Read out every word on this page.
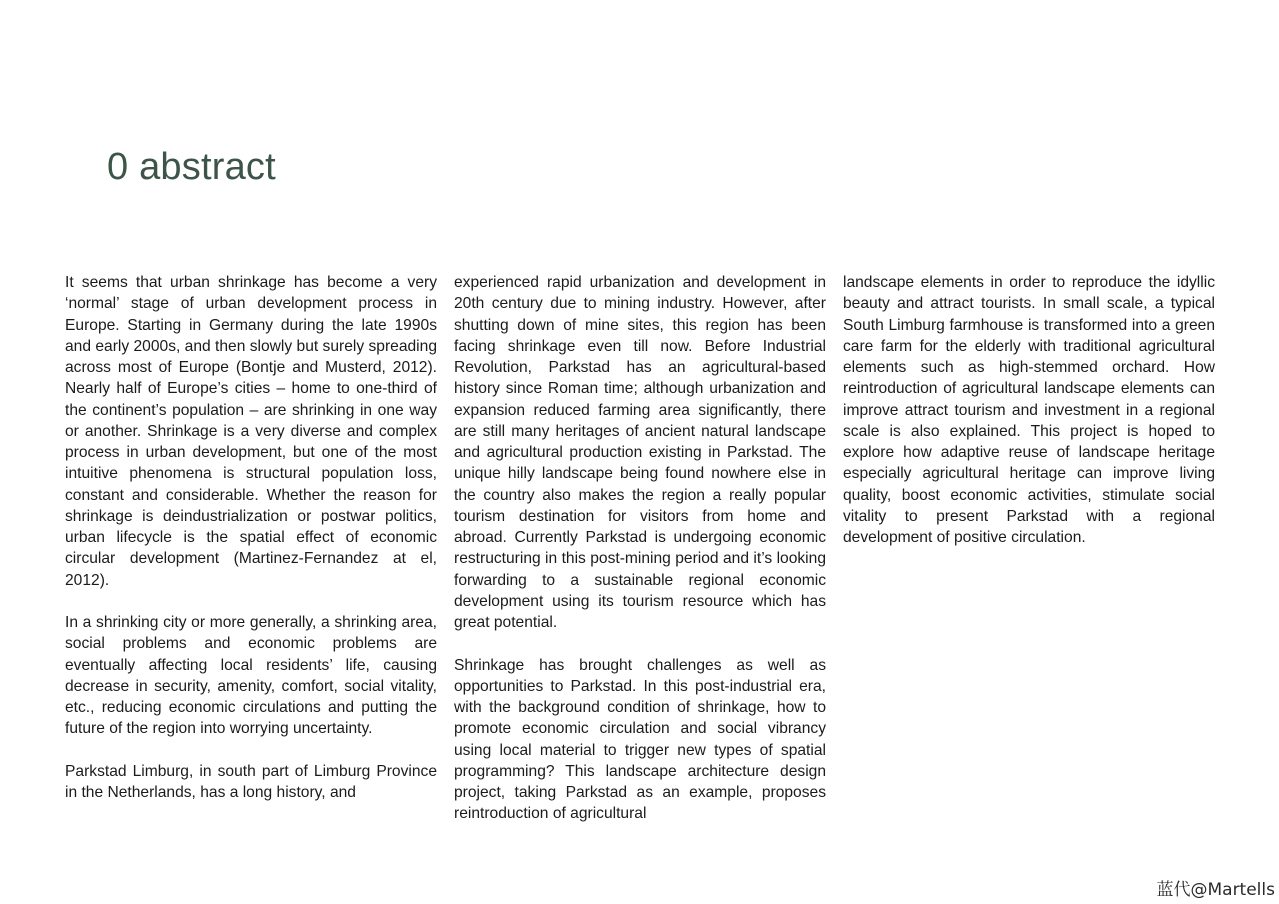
0 abstract

It seems that urban shrinkage has become a very ‘normal’ stage of urban development process in Europe. Starting in Germany during the late 1990s and early 2000s, and then slowly but surely spreading across most of Europe (Bontje and Musterd, 2012). Nearly half of Europe’s cities – home to one-third of the continent’s population – are shrinking in one way or another. Shrinkage is a very diverse and complex process in urban development, but one of the most intuitive phenomena is structural population loss, constant and considerable. Whether the reason for shrinkage is deindustrialization or postwar politics, urban lifecycle is the spatial effect of economic circular development (Martinez-Fernandez at el, 2012).

In a shrinking city or more generally, a shrinking area, social problems and economic problems are eventually affecting local residents’ life, causing decrease in security, amenity, comfort, social vitality, etc., reducing economic circulations and putting the future of the region into worrying uncertainty.

Parkstad Limburg, in south part of Limburg Province in the Netherlands, has a long history, and

experienced rapid urbanization and development in 20th century due to mining industry. However, after shutting down of mine sites, this region has been facing shrinkage even till now. Before Industrial Revolution, Parkstad has an agricultural-based history since Roman time; although urbanization and expansion reduced farming area significantly, there are still many heritages of ancient natural landscape and agricultural production existing in Parkstad. The unique hilly landscape being found nowhere else in the country also makes the region a really popular tourism destination for visitors from home and abroad. Currently Parkstad is undergoing economic restructuring in this post-mining period and it’s looking forwarding to a sustainable regional economic development using its tourism resource which has great potential.

Shrinkage has brought challenges as well as opportunities to Parkstad. In this post-industrial era, with the background condition of shrinkage, how to promote economic circulation and social vibrancy using local material to trigger new types of spatial programming? This landscape architecture design project, taking Parkstad as an example, proposes reintroduction of agricultural

landscape elements in order to reproduce the idyllic beauty and attract tourists. In small scale, a typical South Limburg farmhouse is transformed into a green care farm for the elderly with traditional agricultural elements such as high-stemmed orchard. How reintroduction of agricultural landscape elements can improve attract tourism and investment in a regional scale is also explained. This project is hoped to explore how adaptive reuse of landscape heritage especially agricultural heritage can improve living quality, boost economic activities, stimulate social vitality to present Parkstad with a regional development of positive circulation.

蓝代@Martells
